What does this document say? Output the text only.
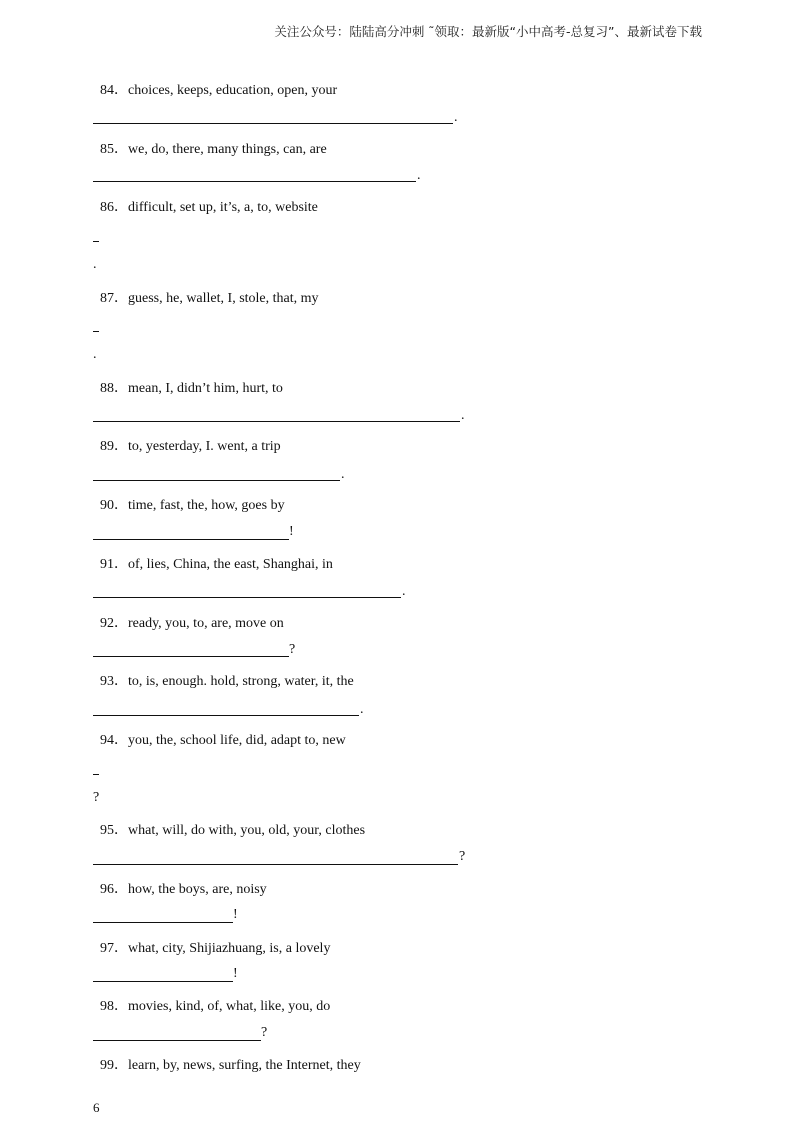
关注公众号：陆陆高分冲刺 ˜领取：最新版“小中高考-总复习”、最新试卷下载
84．choices, keeps, education, open, your
.
85．we, do, there, many things, can, are
.
86．difficult, set up, it’s, a, to, website
.
87．guess, he, wallet, I, stole, that, my
.
88．mean, I, didn’t him, hurt, to
.
89．to, yesterday, I. went, a trip
.
90．time, fast, the, how, goes by
!
91．of, lies, China, the east, Shanghai, in
.
92．ready, you, to, are, move on
?
93．to, is, enough. hold, strong, water, it, the
.
94．you, the, school life, did, adapt to, new
?
95．what, will, do with, you, old, your, clothes
?
96．how, the boys, are, noisy
!
97．what, city, Shijiazhuang, is, a lovely
!
98．movies, kind, of, what, like, you, do
?
99．learn, by, news, surfing, the Internet, they
6
